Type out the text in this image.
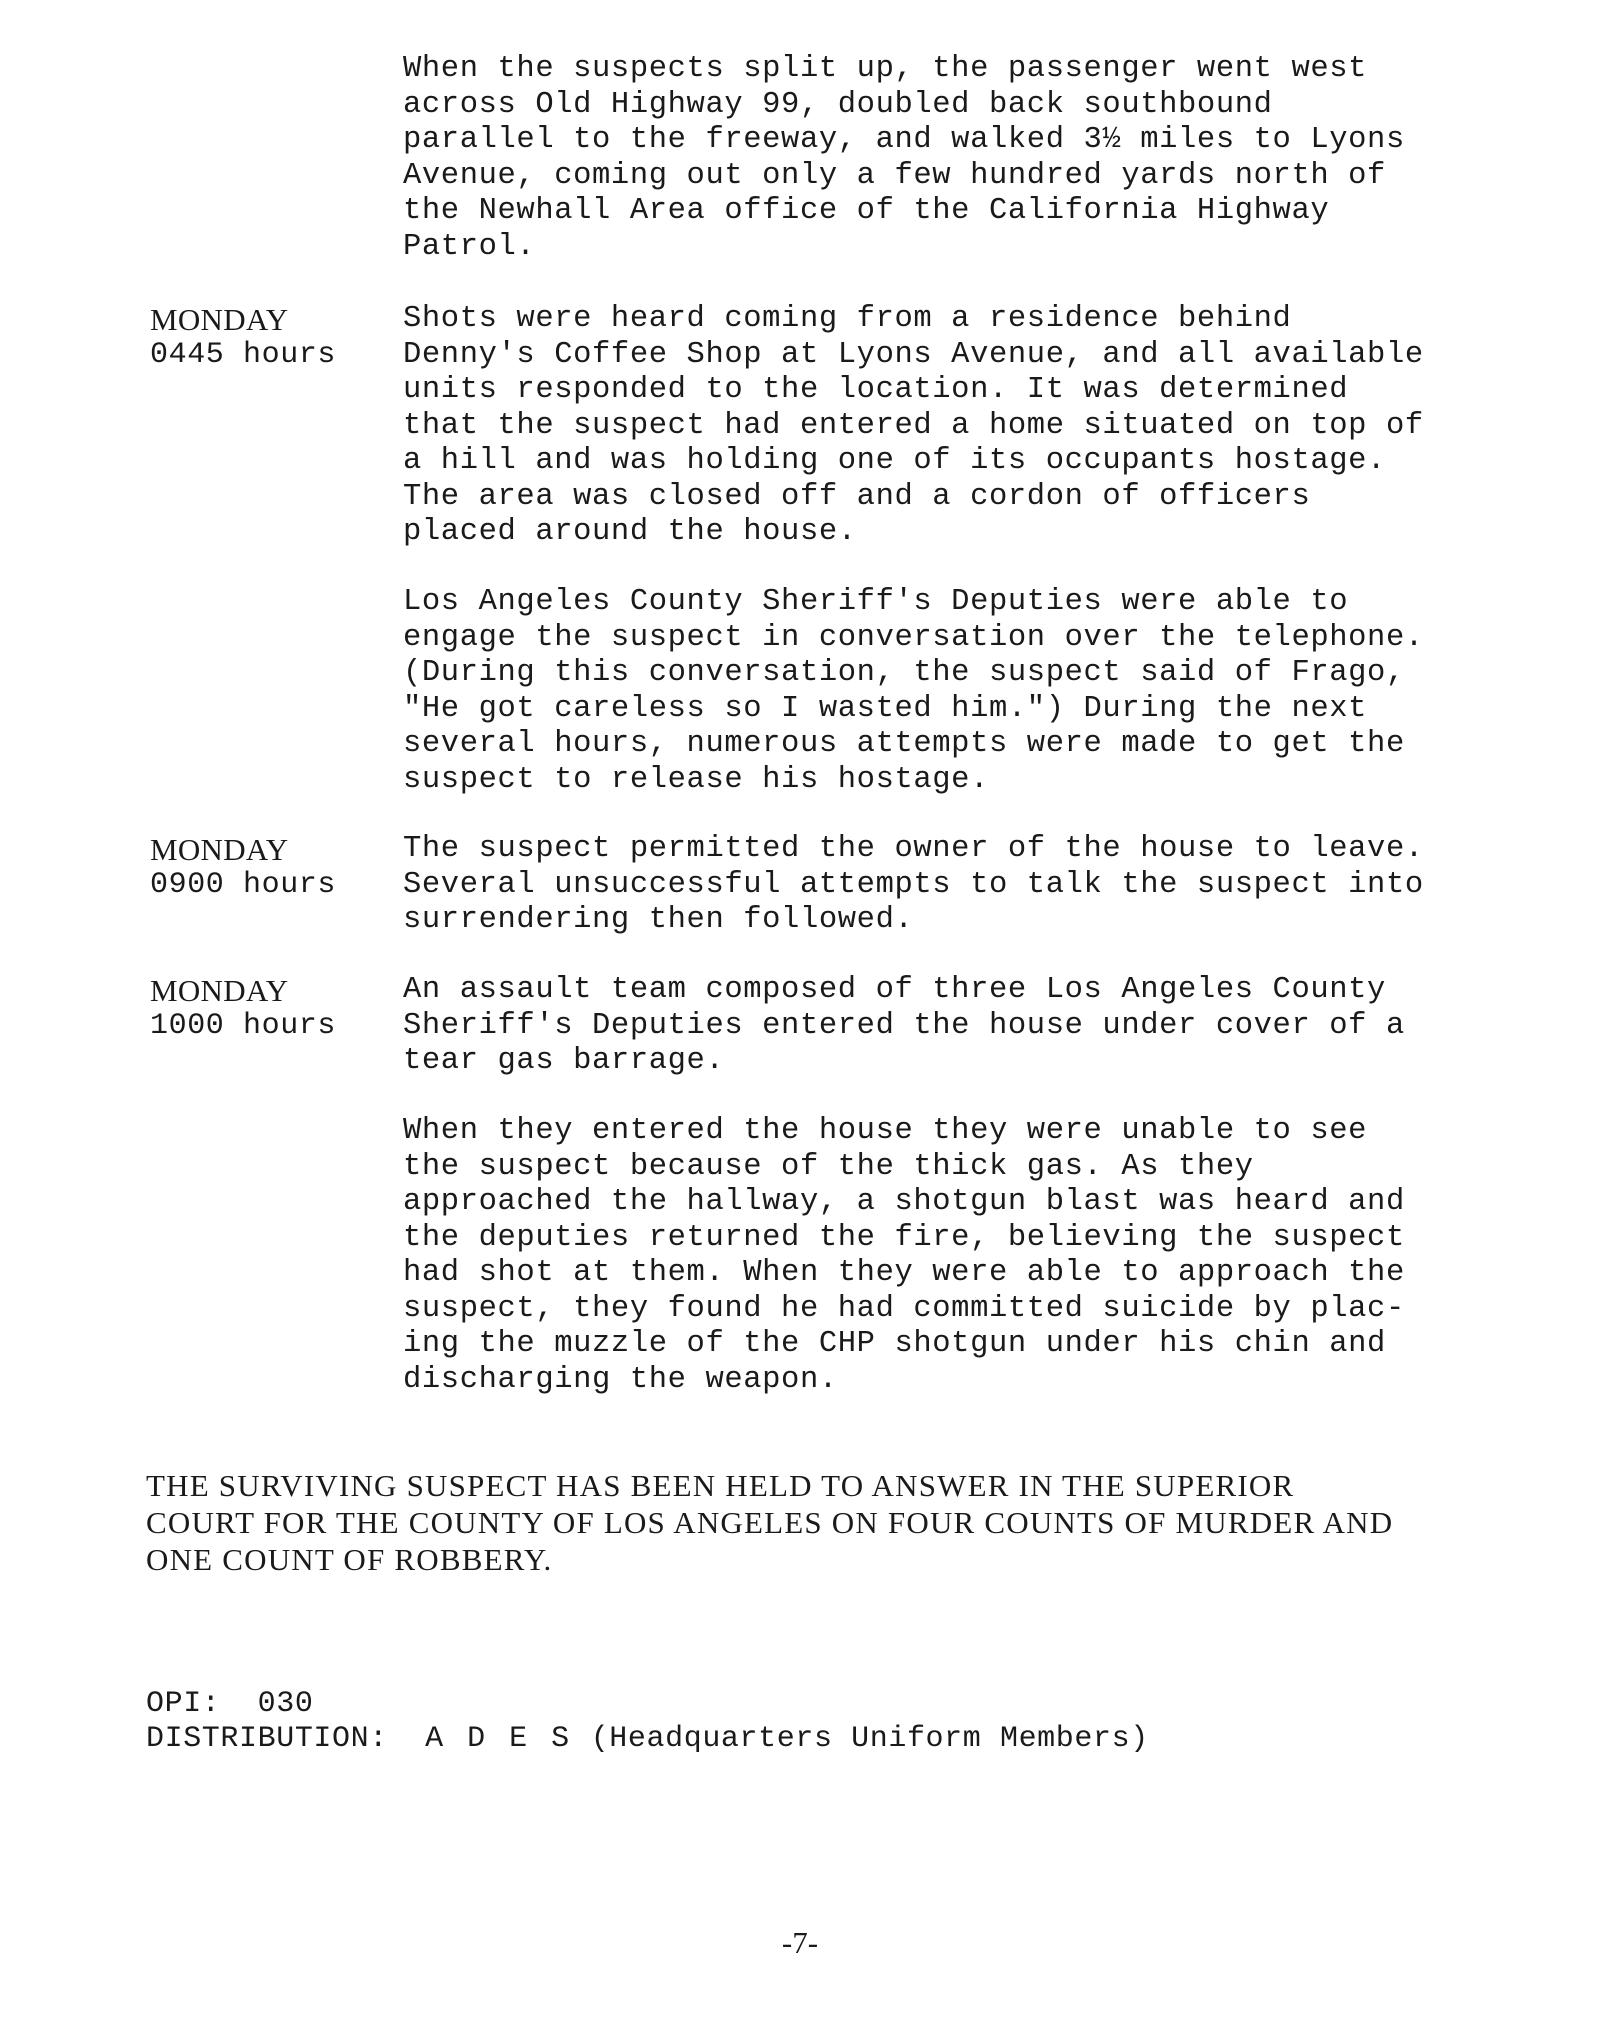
When the suspects split up, the passenger went west
across Old Highway 99, doubled back southbound
parallel to the freeway, and walked 3½ miles to Lyons
Avenue, coming out only a few hundred yards north of
the Newhall Area office of the California Highway
Patrol.

MONDAY
0445 hours

Shots were heard coming from a residence behind
Denny's Coffee Shop at Lyons Avenue, and all available
units responded to the location. It was determined
that the suspect had entered a home situated on top of
a hill and was holding one of its occupants hostage.
The area was closed off and a cordon of officers
placed around the house.

Los Angeles County Sheriff's Deputies were able to
engage the suspect in conversation over the telephone.
(During this conversation, the suspect said of Frago,
"He got careless so I wasted him.") During the next
several hours, numerous attempts were made to get the
suspect to release his hostage.

MONDAY
0900 hours

The suspect permitted the owner of the house to leave.
Several unsuccessful attempts to talk the suspect into
surrendering then followed.

MONDAY
1000 hours

An assault team composed of three Los Angeles County
Sheriff's Deputies entered the house under cover of a
tear gas barrage.

When they entered the house they were unable to see
the suspect because of the thick gas. As they
approached the hallway, a shotgun blast was heard and
the deputies returned the fire, believing the suspect
had shot at them. When they were able to approach the
suspect, they found he had committed suicide by plac-
ing the muzzle of the CHP shotgun under his chin and
discharging the weapon.

THE SURVIVING SUSPECT HAS BEEN HELD TO ANSWER IN THE SUPERIOR
COURT FOR THE COUNTY OF LOS ANGELES ON FOUR COUNTS OF MURDER AND
ONE COUNT OF ROBBERY.

OPI: 030

DISTRIBUTION: A D E S (Headquarters Uniform Members)

-7-
